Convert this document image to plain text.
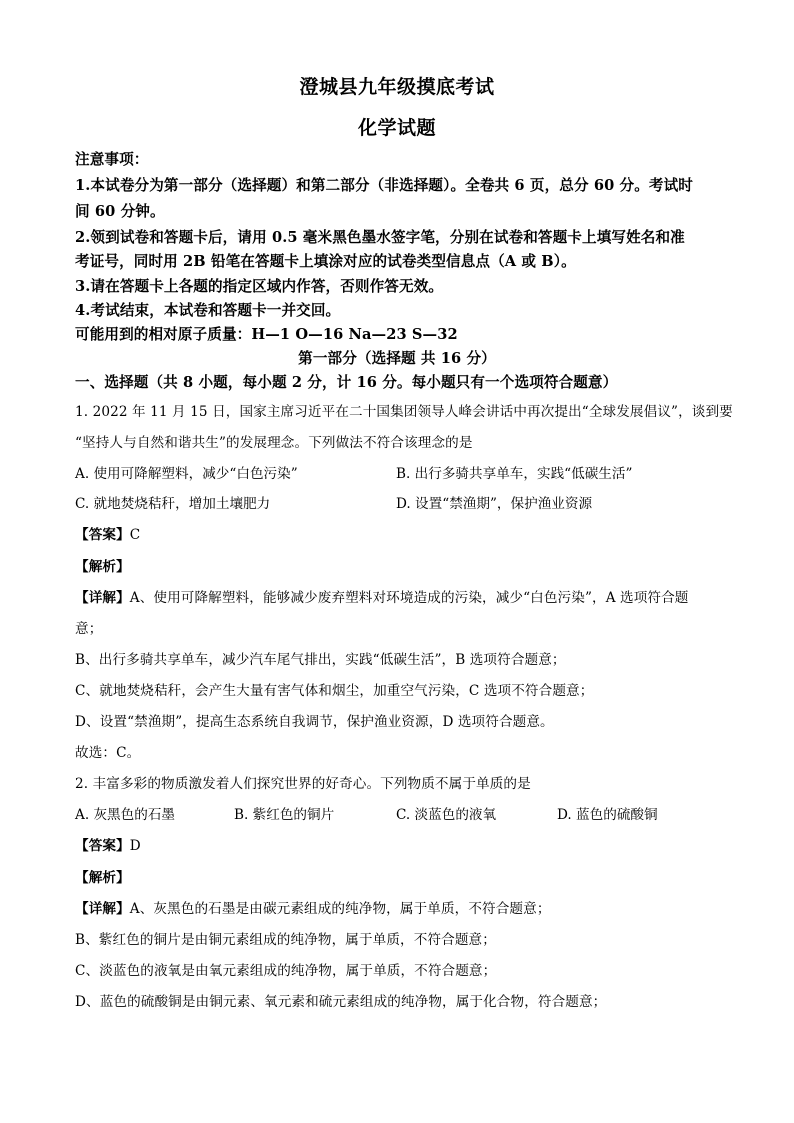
澄城县九年级摸底考试
化学试题
注意事项：
1.本试卷分为第一部分（选择题）和第二部分（非选择题）。全卷共 6 页，总分 60 分。考试时
间 60 分钟。
2.领到试卷和答题卡后，请用 0.5 毫米黑色墨水签字笔，分别在试卷和答题卡上填写姓名和准
考证号，同时用 2B 铅笔在答题卡上填涂对应的试卷类型信息点（A 或 B）。
3.请在答题卡上各题的指定区域内作答，否则作答无效。
4.考试结束，本试卷和答题卡一并交回。
可能用到的相对原子质量：H—1 O—16 Na—23 S—32
第一部分（选择题 共 16 分）
一、选择题（共 8 小题，每小题 2 分，计 16 分。每小题只有一个选项符合题意）
1. 2022 年 11 月 15 日，国家主席习近平在二十国集团领导人峰会讲话中再次提出“全球发展倡议”，谈到要
“坚持人与自然和谐共生”的发展理念。下列做法不符合该理念的是
A. 使用可降解塑料，减少“白色污染”	B. 出行多骑共享单车，实践“低碳生活”
C. 就地焚烧秸秆，增加土壤肥力	D. 设置“禁渔期”，保护渔业资源
【答案】C
【解析】
【详解】A、使用可降解塑料，能够减少废弃塑料对环境造成的污染，减少“白色污染”，A 选项符合题
意；
B、出行多骑共享单车，减少汽车尾气排出，实践“低碳生活”，B 选项符合题意；
C、就地焚烧秸秆，会产生大量有害气体和烟尘，加重空气污染，C 选项不符合题意；
D、设置“禁渔期”，提高生态系统自我调节，保护渔业资源，D 选项符合题意。
故选：C。
2. 丰富多彩的物质激发着人们探究世界的好奇心。下列物质不属于单质的是
A. 灰黑色的石墨	B. 紫红色的铜片	C. 淡蓝色的液氧	D. 蓝色的硫酸铜
【答案】D
【解析】
【详解】A、灰黑色的石墨是由碳元素组成的纯净物，属于单质，不符合题意；
B、紫红色的铜片是由铜元素组成的纯净物，属于单质，不符合题意；
C、淡蓝色的液氧是由氧元素组成的纯净物，属于单质，不符合题意；
D、蓝色的硫酸铜是由铜元素、氧元素和硫元素组成的纯净物，属于化合物，符合题意；
